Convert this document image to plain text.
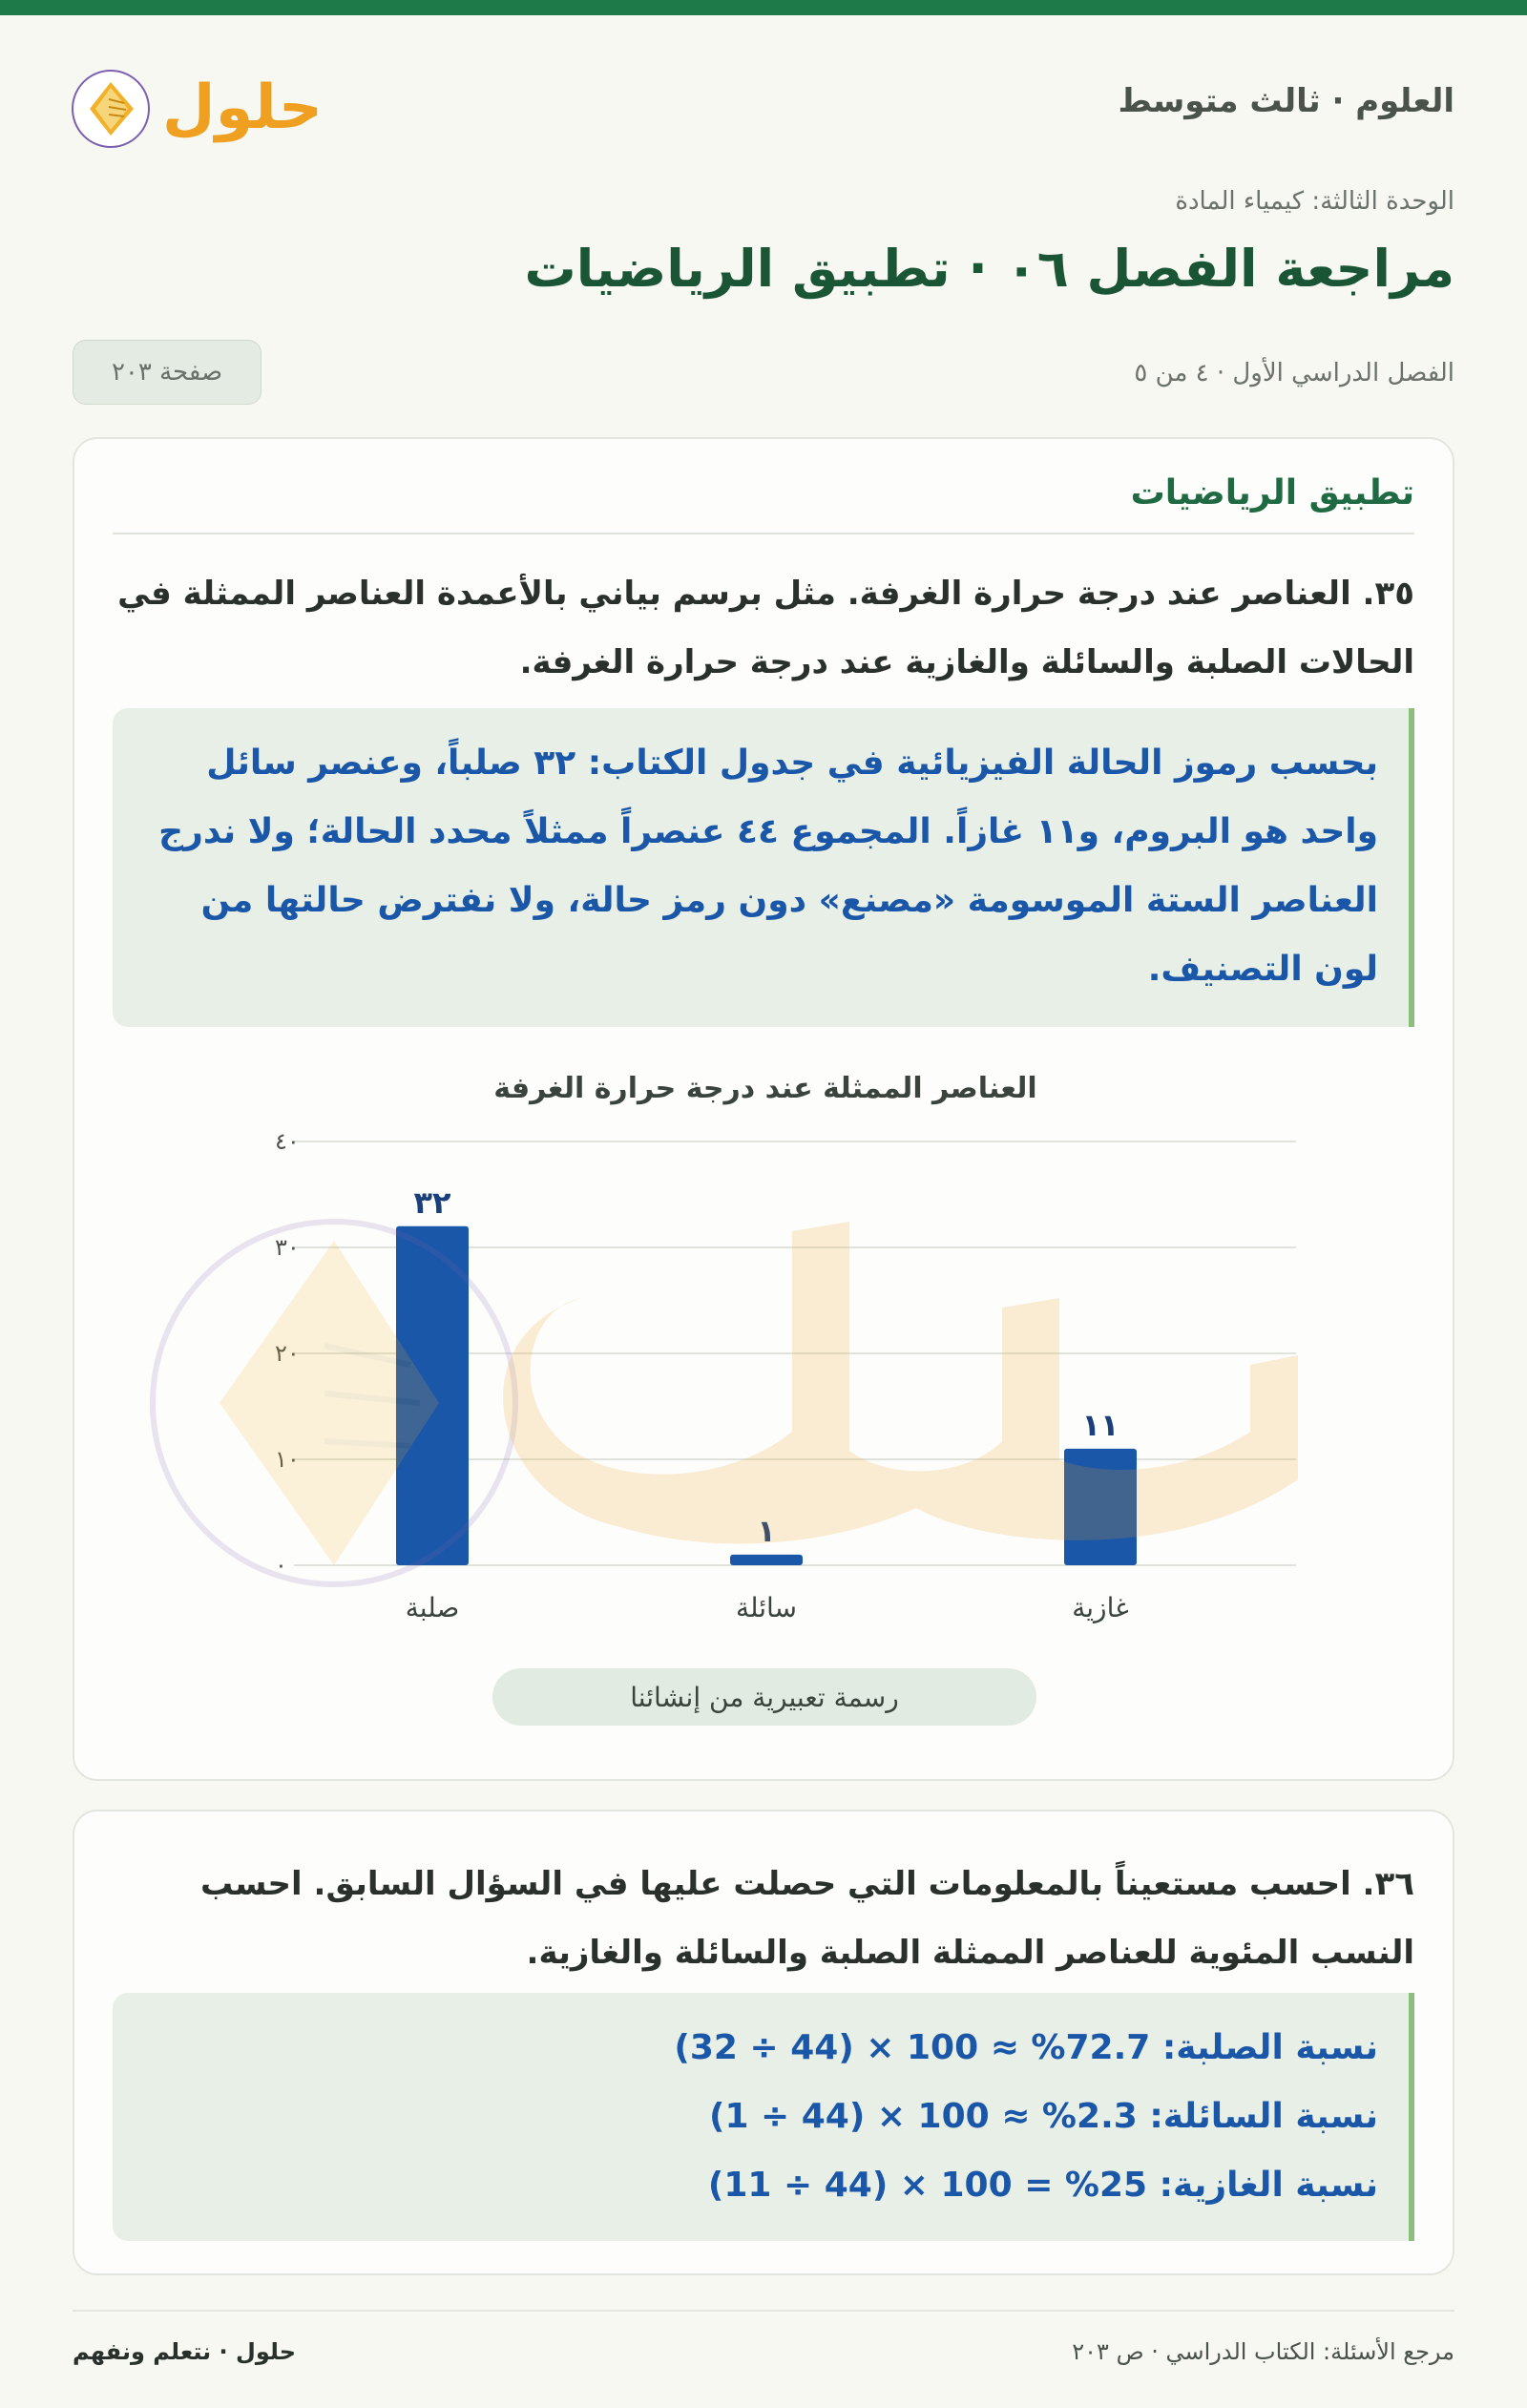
العلوم · ثالث متوسط
حلول
الوحدة الثالثة: كيمياء المادة
مراجعة الفصل ٠٦ · تطبيق الرياضيات
الفصل الدراسي الأول · ٤ من ٥
صفحة ٢٠٣
تطبيق الرياضيات
٣٥. العناصر عند درجة حرارة الغرفة. مثل برسم بياني بالأعمدة العناصر الممثلة في الحالات الصلبة والسائلة والغازية عند درجة حرارة الغرفة.
بحسب رموز الحالة الفيزيائية في جدول الكتاب: ٣٢ صلباً، وعنصر سائل واحد هو البروم، و١١ غازاً. المجموع ٤٤ عنصراً ممثلاً محدد الحالة؛ ولا ندرج العناصر الستة الموسومة «مصنع» دون رمز حالة، ولا نفترض حالتها من لون التصنيف.
العناصر الممثلة عند درجة حرارة الغرفة
٠
١٠
٢٠
٣٠
٤٠
٣٢
صلبة
١
سائلة
١١
غازية
رسمة تعبيرية من إنشائنا
٣٦. احسب مستعيناً بالمعلومات التي حصلت عليها في السؤال السابق. احسب النسب المئوية للعناصر الممثلة الصلبة والسائلة والغازية.
نسبة الصلبة: 72.7% ≈ 100 × (44 ÷ 32)
نسبة السائلة: 2.3% ≈ 100 × (44 ÷ 1)
نسبة الغازية: 25% = 100 × (44 ÷ 11)
حلول · نتعلم ونفهم	مرجع الأسئلة: الكتاب الدراسي · ص ٢٠٣
